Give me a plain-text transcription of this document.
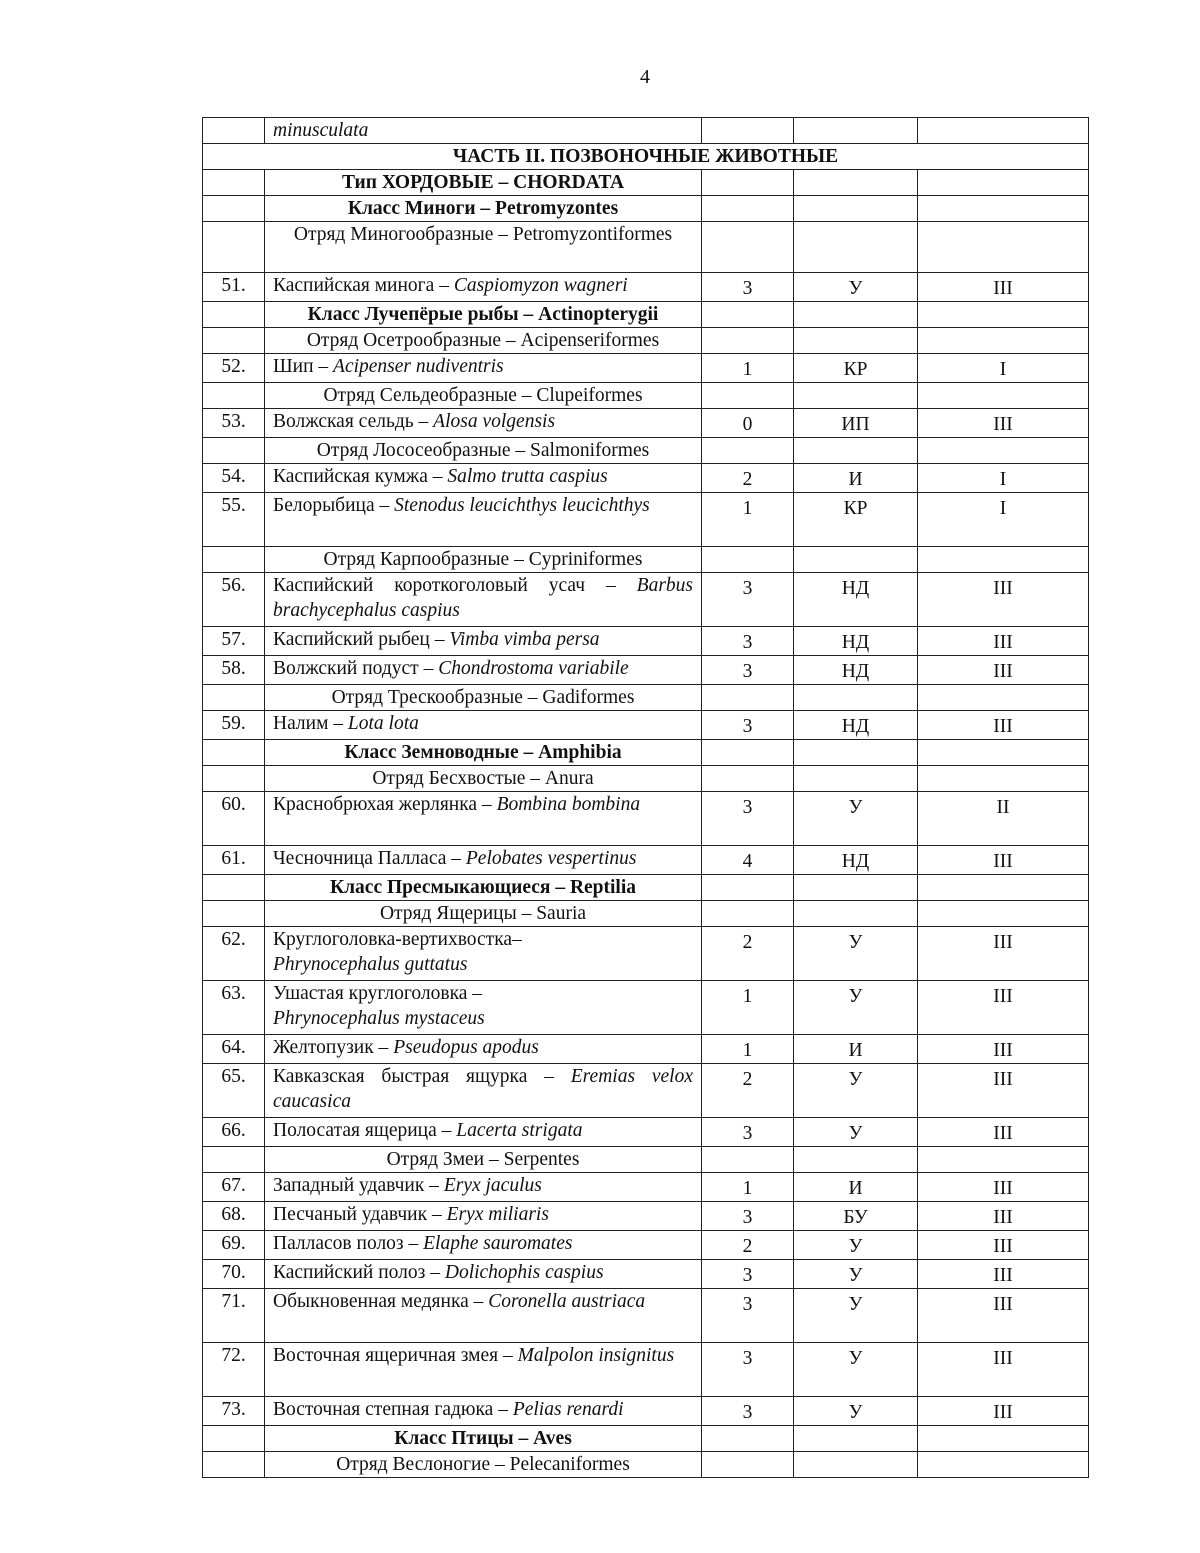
4
	minusculata			
ЧАСТЬ II. ПОЗВОНОЧНЫЕ ЖИВОТНЫЕ				
	Тип ХОРДОВЫЕ – CHORDATA			
	Класс Миноги – Petromyzontes			
	Отряд Миногообразные – Petromyzontiformes			
51.	Каспийская минога – Caspiomyzon wagneri	3	У	III
	Класс Лучепёрые рыбы – Actinopterygii			
	Отряд Осетрообразные – Acipenseriformes			
52.	Шип – Acipenser nudiventris	1	КР	I
	Отряд Сельдеобразные – Clupeiformes			
53.	Волжская сельдь – Alosa volgensis	0	ИП	III
	Отряд Лососеобразные – Salmoniformes			
54.	Каспийская кумжа – Salmo trutta caspius	2	И	I
55.	Белорыбица – Stenodus leucichthys leucichthys	1	КР	I
	Отряд Карпообразные – Cypriniformes			
56.	Каспийский короткоголовый усач – Barbus brachycephalus caspius	3	НД	III
57.	Каспийский рыбец – Vimba vimba persa	3	НД	III
58.	Волжский подуст – Chondrostoma variabile	3	НД	III
	Отряд Трескообразные – Gadiformes			
59.	Налим – Lota lota	3	НД	III
	Класс Земноводные – Amphibia			
	Отряд Бесхвостые – Anura			
60.	Краснобрюхая жерлянка – Bombina bombina	3	У	II
61.	Чесночница Палласа – Pelobates vespertinus	4	НД	III
	Класс Пресмыкающиеся – Reptilia			
	Отряд Ящерицы – Sauria			
62.	Круглоголовка-вертихвостка–
Phrynocephalus guttatus	2	У	III
63.	Ушастая круглоголовка –
Phrynocephalus mystaceus	1	У	III
64.	Желтопузик – Pseudopus apodus	1	И	III
65.	Кавказская быстрая ящурка – Eremias velox caucasica	2	У	III
66.	Полосатая ящерица – Lacerta strigata	3	У	III
	Отряд Змеи – Serpentes			
67.	Западный удавчик – Eryx jaculus	1	И	III
68.	Песчаный удавчик – Eryx miliaris	3	БУ	III
69.	Палласов полоз – Elaphe sauromates	2	У	III
70.	Каспийский полоз – Dolichophis caspius	3	У	III
71.	Обыкновенная медянка – Coronella austriaca	3	У	III
72.	Восточная ящеричная змея – Malpolon insignitus	3	У	III
73.	Восточная степная гадюка – Pelias renardi	3	У	III
	Класс Птицы – Aves			
	Отряд Веслоногие – Pelecaniformes			
